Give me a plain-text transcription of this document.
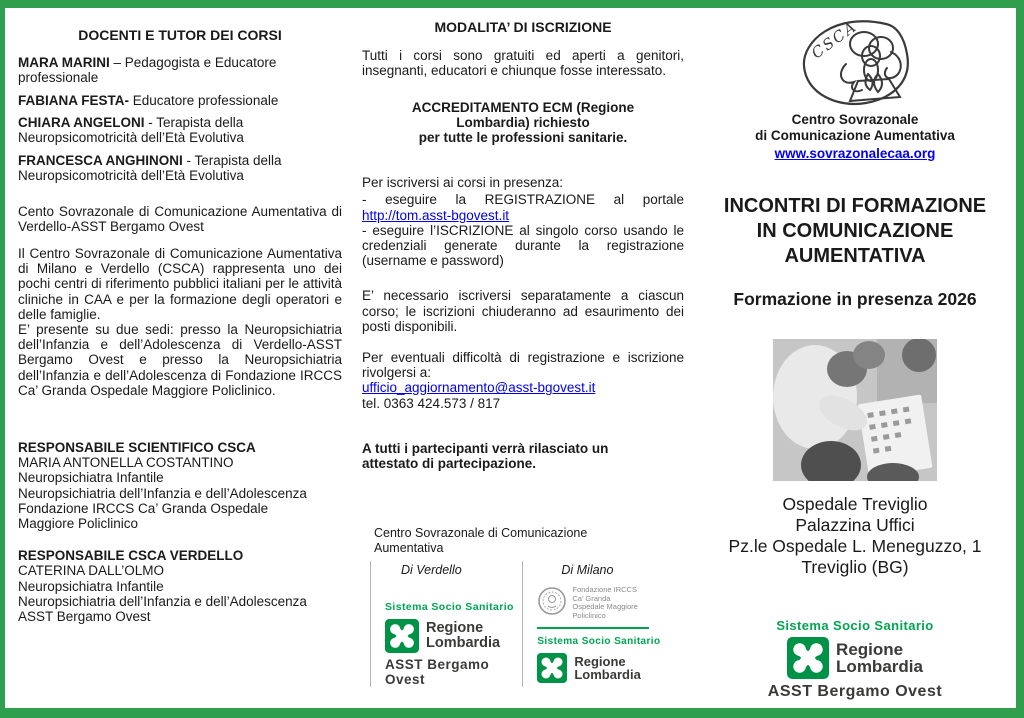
DOCENTI E TUTOR DEI CORSI

MARA MARINI – Pedagogista e Educatore professionale

FABIANA FESTA- Educatore professionale

CHIARA ANGELONI - Terapista della Neuropsicomotricità dell’Età Evolutiva

FRANCESCA ANGHINONI - Terapista della Neuropsicomotricità dell’Età Evolutiva

Cento Sovrazonale di Comunicazione Aumentativa di Verdello-ASST Bergamo Ovest

Il Centro Sovrazonale di Comunicazione Aumentativa di Milano e Verdello (CSCA) rappresenta uno dei pochi centri di riferimento pubblici italiani per le attività cliniche in CAA e per la formazione degli operatori e delle famiglie.

E’ presente su due sedi: presso la Neuropsichiatria dell’Infanzia e dell’Adolescenza di Verdello-ASST Bergamo Ovest e presso la Neuropsichiatria dell’Infanzia e dell’Adolescenza di Fondazione IRCCS Ca’ Granda Ospedale Maggiore Policlinico.

RESPONSABILE SCIENTIFICO CSCA

MARIA ANTONELLA COSTANTINO

Neuropsichiatra Infantile

Neuropsichiatria dell’Infanzia e dell’Adolescenza

Fondazione IRCCS Ca’ Granda Ospedale

Maggiore Policlinico

RESPONSABILE CSCA VERDELLO

CATERINA DALL’OLMO

Neuropsichiatra Infantile

Neuropsichiatria dell’Infanzia e dell’Adolescenza

ASST Bergamo Ovest

MODALITA’ DI ISCRIZIONE

Tutti i corsi sono gratuiti ed aperti a genitori, insegnanti, educatori e chiunque fosse interessato.

ACCREDITAMENTO ECM (Regione

Lombardia) richiesto

per tutte le professioni sanitarie.

Per iscriversi ai corsi in presenza:

- eseguire la REGISTRAZIONE al portale

http://tom.asst-bgovest.it

- eseguire l’ISCRIZIONE al singolo corso usando le credenziali generate durante la registrazione (username e password)

E’ necessario iscriversi separatamente a ciascun corso; le iscrizioni chiuderanno ad esaurimento dei posti disponibili.

Per eventuali difficoltà di registrazione e iscrizione rivolgersi a:

ufficio_aggiornamento@asst-bgovest.it

tel. 0363 424.573 / 817

A tutti i partecipanti verrà rilasciato un attestato di partecipazione.

Centro Sovrazonale di Comunicazione Aumentativa

Di Verdello

Sistema Socio Sanitario

Regione
Lombardia

ASST Bergamo Ovest

Di Milano

Fondazione IRCCS
Ca’ Granda
Ospedale Maggiore
Policlinico

Sistema Socio Sanitario

Regione
Lombardia
CSCA
Centro Sovrazonale
di Comunicazione Aumentativa
www.sovrazonalecaa.org
INCONTRI DI FORMAZIONE
IN COMUNICAZIONE
AUMENTATIVA
Formazione in presenza 2026
Ospedale Treviglio
Palazzina Uffici
Pz.le Ospedale L. Meneguzzo, 1
Treviglio (BG)

Sistema Socio Sanitario

Regione
Lombardia

ASST Bergamo Ovest
